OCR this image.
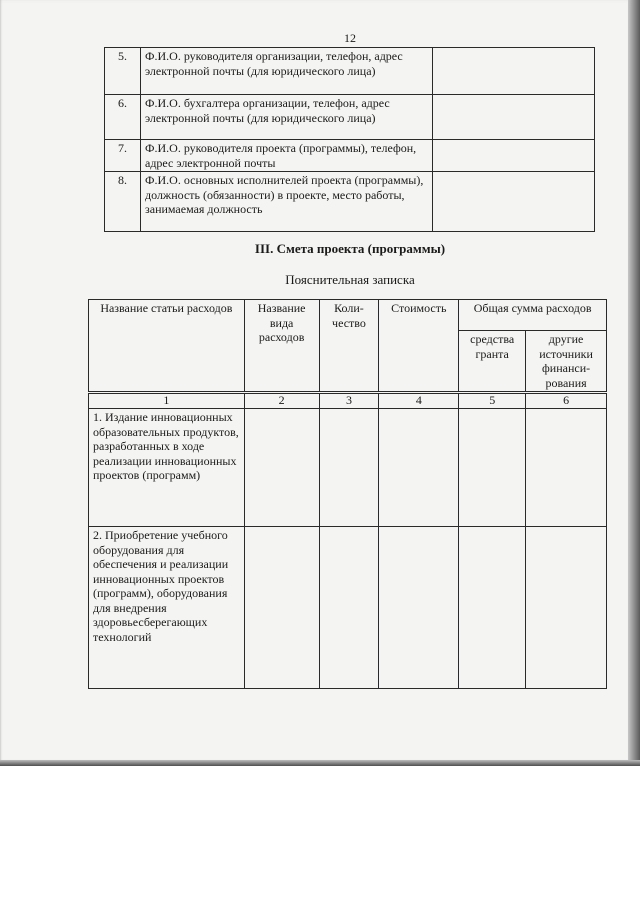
12
5.	Ф.И.О. руководителя организации, телефон, адрес электронной почты (для юридического лица)	
6.	Ф.И.О. бухгалтера организации, телефон, адрес электронной почты (для юридического лица)	
7.	Ф.И.О. руководителя проекта (программы), телефон, адрес электронной почты	
8.	Ф.И.О. основных исполнителей проекта (программы), должность (обязанности) в проекте, место работы, занимаемая должность	
III. Смета проекта (программы)
Пояснительная записка
Название статьи расходов	Название вида расходов	Коли-чество	Стоимость	Общая сумма расходов	
				средства гранта	другие источники финанси-рования
1	2	3	4	5	6
1. Издание инновационных образовательных продуктов, разработанных в ходе реализации инновационных проектов (программ)					
2. Приобретение учебного оборудования для обеспечения и реализации инновационных проектов (программ), оборудования для внедрения здоровьесберегающих технологий					
